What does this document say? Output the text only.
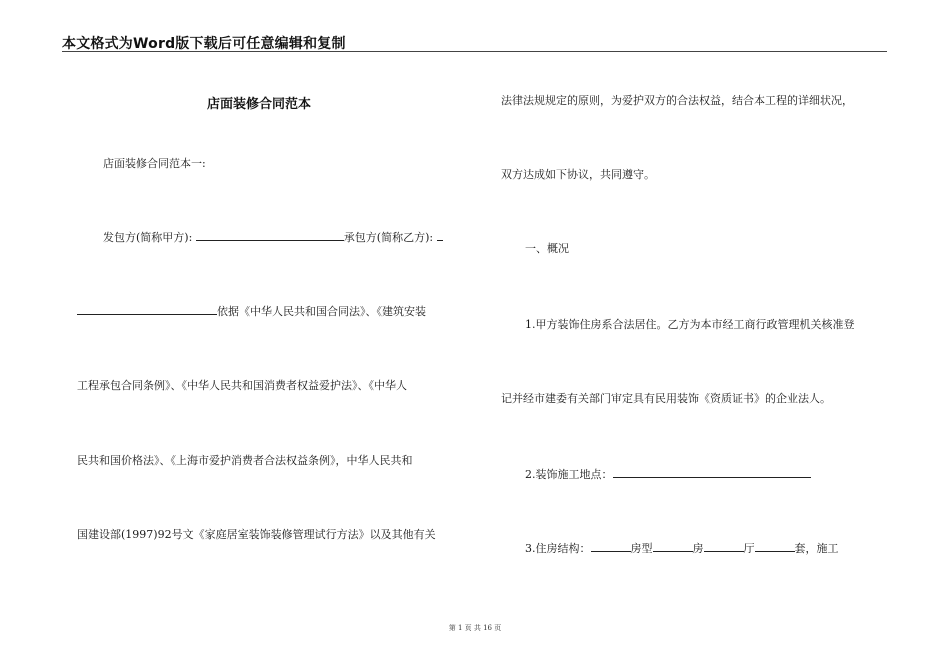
本文格式为Word版下载后可任意编辑和复制
店面装修合同范本
店面装修合同范本一:
发包方(简称甲方):	承包方(简称乙方):
依据《中华人民共和国合同法》、《建筑安装
工程承包合同条例》、《中华人民共和国消费者权益爱护法》、《中华人
民共和国价格法》、《上海市爱护消费者合法权益条例》，中华人民共和
国建设部(1997)92号文《家庭居室装饰装修管理试行方法》以及其他有关
法律法规规定的原则，为爱护双方的合法权益，结合本工程的详细状况，
双方达成如下协议，共同遵守。
一、概况
1.甲方装饰住房系合法居住。乙方为本市经工商行政管理机关核准登
记并经市建委有关部门审定具有民用装饰《资质证书》的企业法人。
2.装饰施工地点：
3.住房结构：	房型	房	厅	套，施工
第 1 页 共 16 页
